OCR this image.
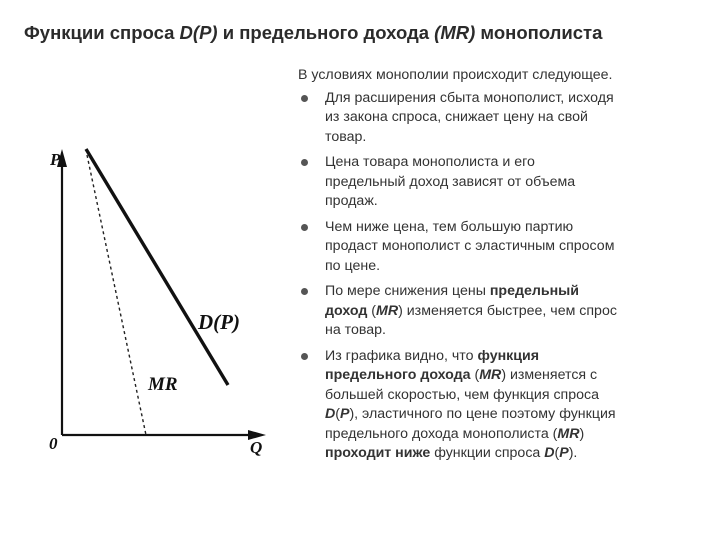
Функции спроса D(P) и предельного дохода (MR) монополиста
P
Q
0
D(P)
MR

В условиях монополии происходит следующее.

Для расширения сбыта монополист, исходя
из закона спроса, снижает цену на свой
товар.
Цена товара монополиста и его
предельный доход зависят от объема
продаж.
Чем ниже цена, тем большую партию
продаст монополист с эластичным спросом
по цене.
По мере снижения цены предельный
доход (MR) изменяется быстрее, чем спрос
на товар.
Из графика видно, что функция
предельного дохода (MR) изменяется с
большей скоростью, чем функция спроса
D(P), эластичного по цене поэтому функция
предельного дохода монополиста (MR)
проходит ниже функции спроса D(P).
